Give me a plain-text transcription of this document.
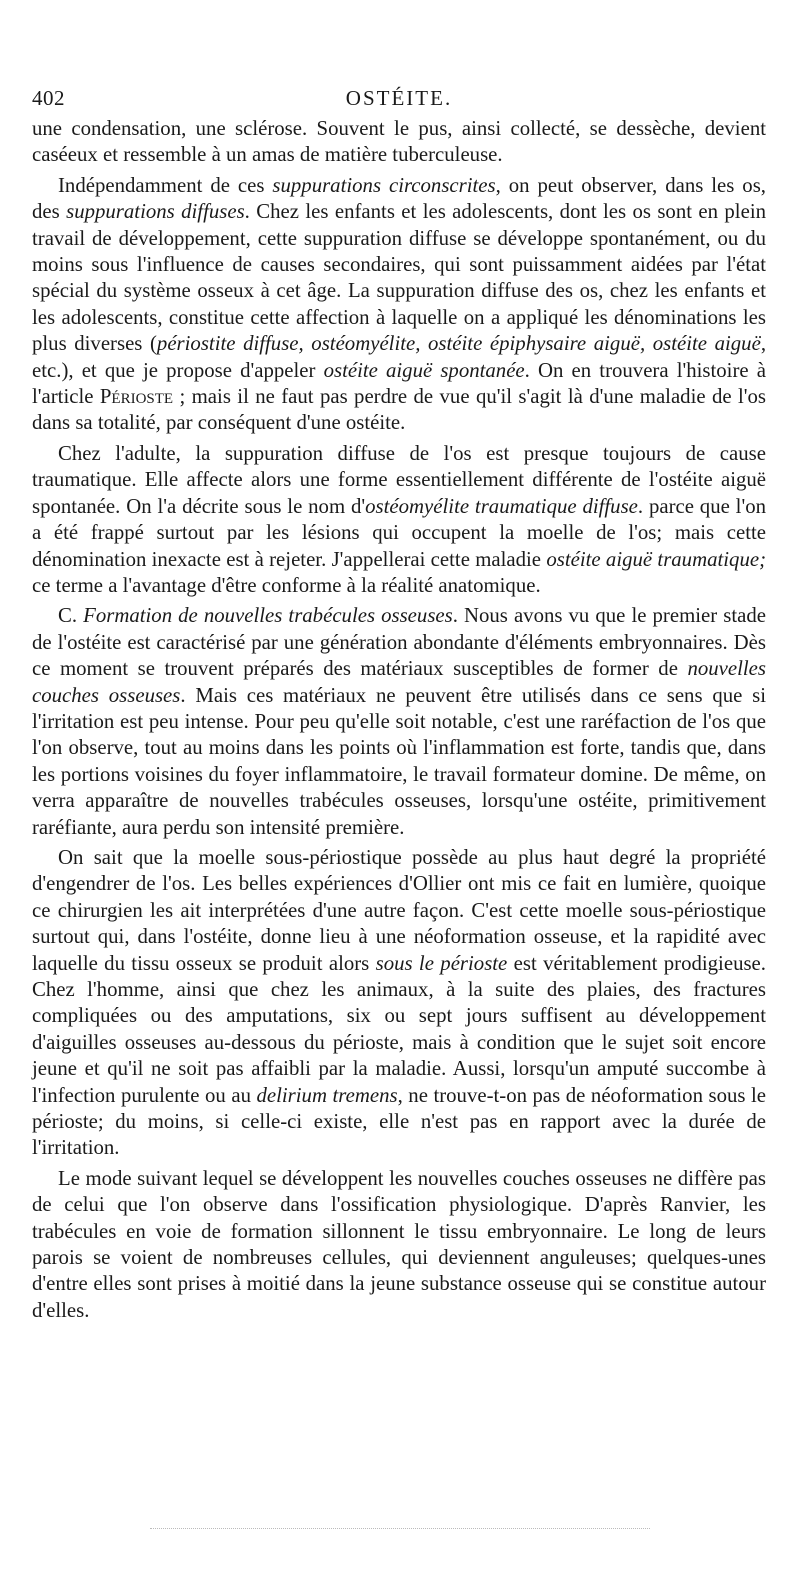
402	OSTÉITE.

une condensation, une sclérose. Souvent le pus, ainsi collecté, se dessèche, devient caséeux et ressemble à un amas de matière tuberculeuse.

Indépendamment de ces suppurations circonscrites, on peut observer, dans les os, des suppurations diffuses. Chez les enfants et les adolescents, dont les os sont en plein travail de développement, cette suppuration diffuse se développe spontanément, ou du moins sous l'influence de causes secondaires, qui sont puissamment aidées par l'état spécial du système osseux à cet âge. La suppuration diffuse des os, chez les enfants et les adolescents, constitue cette affection à laquelle on a appliqué les dénominations les plus diverses (périostite diffuse, ostéomyélite, ostéite épiphysaire aiguë, ostéite aiguë, etc.), et que je propose d'appeler ostéite aiguë spontanée. On en trouvera l'histoire à l'article Périoste ; mais il ne faut pas perdre de vue qu'il s'agit là d'une maladie de l'os dans sa totalité, par conséquent d'une ostéite.

Chez l'adulte, la suppuration diffuse de l'os est presque toujours de cause traumatique. Elle affecte alors une forme essentiellement différente de l'ostéite aiguë spontanée. On l'a décrite sous le nom d'ostéomyélite traumatique diffuse. parce que l'on a été frappé surtout par les lésions qui occupent la moelle de l'os; mais cette dénomination inexacte est à rejeter. J'appellerai cette maladie ostéite aiguë traumatique; ce terme a l'avantage d'être conforme à la réalité anatomique.

C. Formation de nouvelles trabécules osseuses. Nous avons vu que le premier stade de l'ostéite est caractérisé par une génération abondante d'éléments embryonnaires. Dès ce moment se trouvent préparés des matériaux susceptibles de former de nouvelles couches osseuses. Mais ces matériaux ne peuvent être utilisés dans ce sens que si l'irritation est peu intense. Pour peu qu'elle soit notable, c'est une raréfaction de l'os que l'on observe, tout au moins dans les points où l'inflammation est forte, tandis que, dans les portions voisines du foyer inflammatoire, le travail formateur domine. De même, on verra apparaître de nouvelles trabécules osseuses, lorsqu'une ostéite, primitivement raréfiante, aura perdu son intensité première.

On sait que la moelle sous-périostique possède au plus haut degré la propriété d'engendrer de l'os. Les belles expériences d'Ollier ont mis ce fait en lumière, quoique ce chirurgien les ait interprétées d'une autre façon. C'est cette moelle sous-périostique surtout qui, dans l'ostéite, donne lieu à une néoformation osseuse, et la rapidité avec laquelle du tissu osseux se produit alors sous le périoste est véritablement prodigieuse. Chez l'homme, ainsi que chez les animaux, à la suite des plaies, des fractures compliquées ou des amputations, six ou sept jours suffisent au développement d'aiguilles osseuses au-dessous du périoste, mais à condition que le sujet soit encore jeune et qu'il ne soit pas affaibli par la maladie. Aussi, lorsqu'un amputé succombe à l'infection purulente ou au delirium tremens, ne trouve-t-on pas de néoformation sous le périoste; du moins, si celle-ci existe, elle n'est pas en rapport avec la durée de l'irritation.

Le mode suivant lequel se développent les nouvelles couches osseuses ne diffère pas de celui que l'on observe dans l'ossification physiologique. D'après Ranvier, les trabécules en voie de formation sillonnent le tissu embryonnaire. Le long de leurs parois se voient de nombreuses cellules, qui deviennent anguleuses; quelques-unes d'entre elles sont prises à moitié dans la jeune substance osseuse qui se constitue autour d'elles.
